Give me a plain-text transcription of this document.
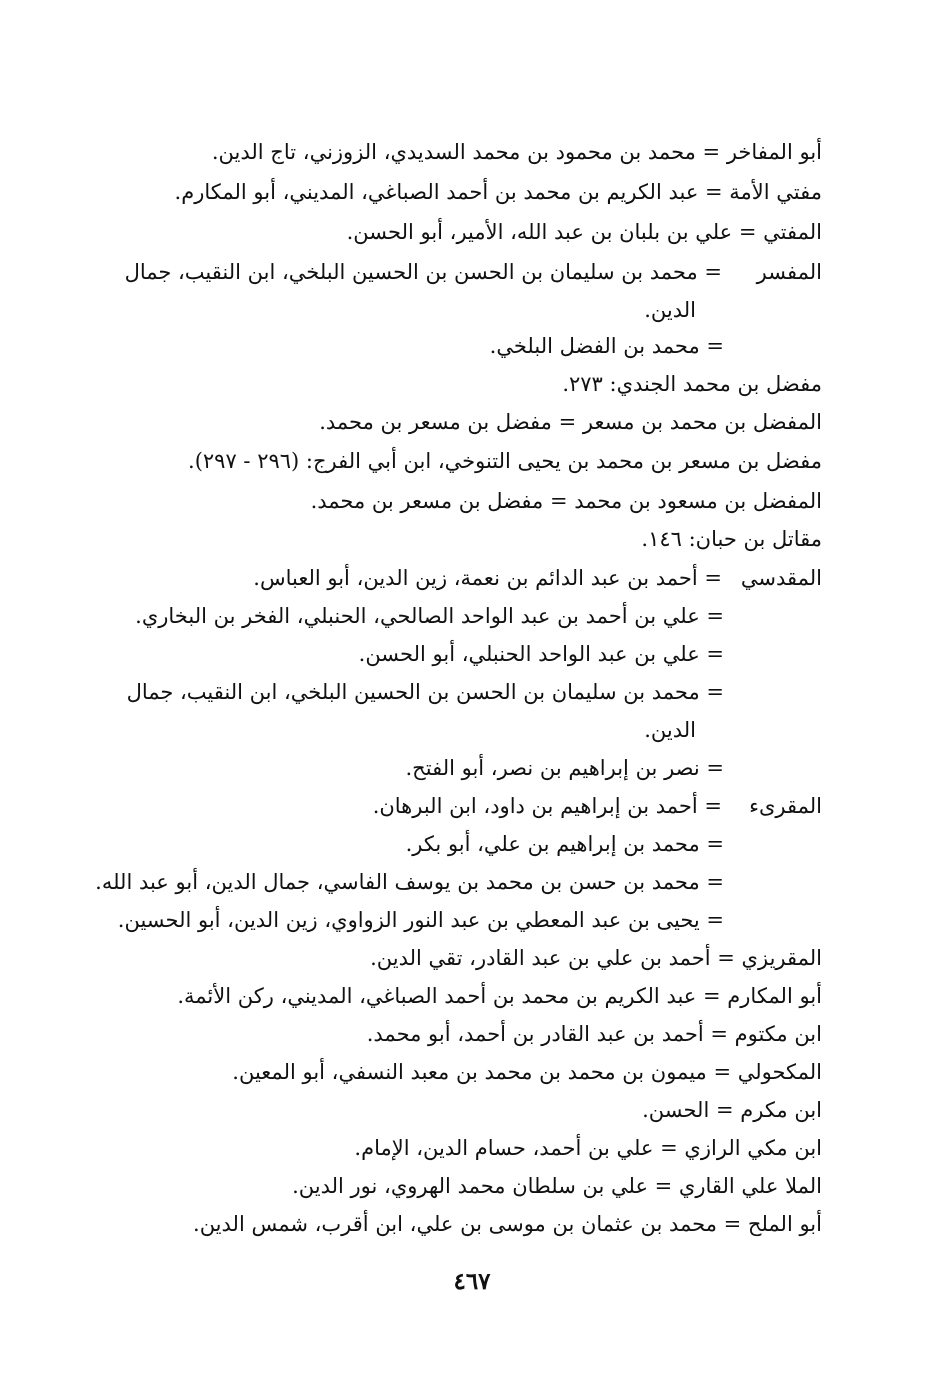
أبو المفاخر = محمد بن محمود بن محمد السديدي، الزوزني، تاج الدين.
مفتي الأمة = عبد الكريم بن محمد بن أحمد الصباغي، المديني، أبو المكارم.
المفتي = علي بن بلبان بن عبد الله، الأمير، أبو الحسن.
المفسر= محمد بن سليمان بن الحسن بن الحسين البلخي، ابن النقيب، جمال
الدين.
= محمد بن الفضل البلخي.
مفضل بن محمد الجندي: ٢٧٣.
المفضل بن محمد بن مسعر = مفضل بن مسعر بن محمد.
مفضل بن مسعر بن محمد بن يحيى التنوخي، ابن أبي الفرج: (٢٩٦ - ٢٩٧).
المفضل بن مسعود بن محمد = مفضل بن مسعر بن محمد.
مقاتل بن حبان: ١٤٦.
المقدسي= أحمد بن عبد الدائم بن نعمة، زين الدين، أبو العباس.
= علي بن أحمد بن عبد الواحد الصالحي، الحنبلي، الفخر بن البخاري.
= علي بن عبد الواحد الحنبلي، أبو الحسن.
= محمد بن سليمان بن الحسن بن الحسين البلخي، ابن النقيب، جمال
الدين.
= نصر بن إبراهيم بن نصر، أبو الفتح.
المقرىء= أحمد بن إبراهيم بن داود، ابن البرهان.
= محمد بن إبراهيم بن علي، أبو بكر.
= محمد بن حسن بن محمد بن يوسف الفاسي، جمال الدين، أبو عبد الله.
= يحيى بن عبد المعطي بن عبد النور الزواوي، زين الدين، أبو الحسين.
المقريزي = أحمد بن علي بن عبد القادر، تقي الدين.
أبو المكارم = عبد الكريم بن محمد بن أحمد الصباغي، المديني، ركن الأئمة.
ابن مكتوم = أحمد بن عبد القادر بن أحمد، أبو محمد.
المكحولي = ميمون بن محمد بن محمد بن معبد النسفي، أبو المعين.
ابن مكرم = الحسن.
ابن مكي الرازي = علي بن أحمد، حسام الدين، الإمام.
الملا علي القاري = علي بن سلطان محمد الهروي، نور الدين.
أبو الملح = محمد بن عثمان بن موسى بن علي، ابن أقرب، شمس الدين.
٤٦٧
